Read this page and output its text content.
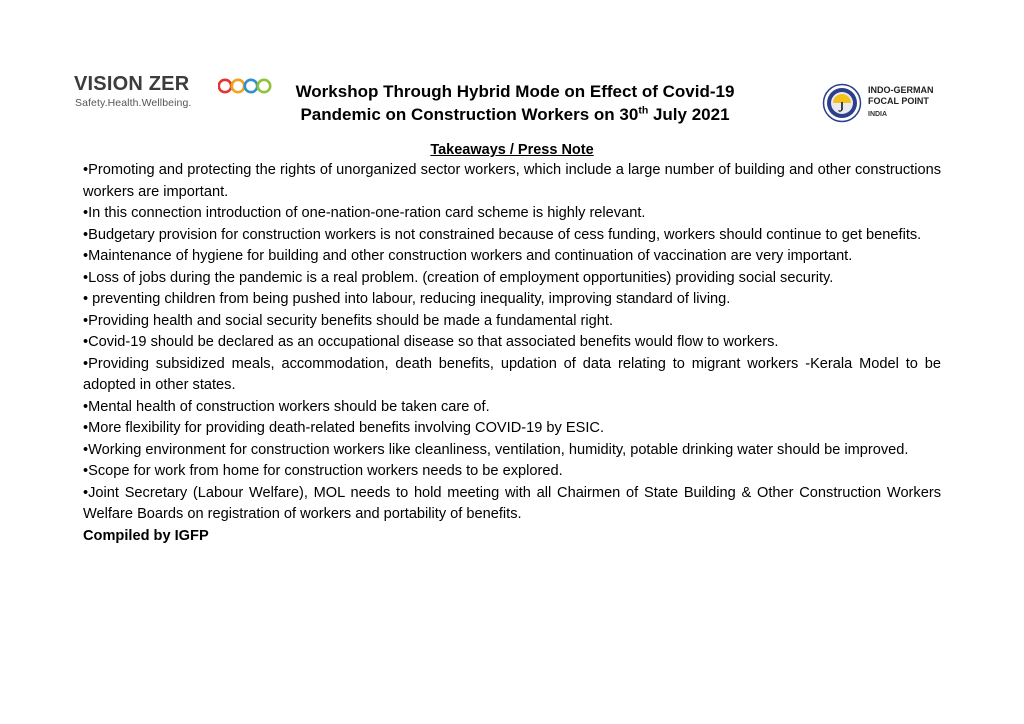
VISION ZER
Safety.Health.Wellbeing.
Workshop Through Hybrid Mode on Effect of Covid-19
Pandemic on Construction Workers on 30th July 2021
INDO-GERMAN
FOCAL POINT
INDIA
Takeaways / Press Note

•Promoting and protecting the rights of unorganized sector workers, which include a large number of building and other constructions workers are important.

•In this connection introduction of one-nation-one-ration card scheme is highly relevant.

•Budgetary provision for construction workers is not constrained because of cess funding, workers should continue to get benefits.

•Maintenance of hygiene for building and other construction workers and continuation of vaccination are very important.

•Loss of jobs during the pandemic is a real problem. (creation of employment opportunities) providing social security.

• preventing children from being pushed into labour, reducing inequality, improving standard of living.

•Providing health and social security benefits should be made a fundamental right.

•Covid-19 should be declared as an occupational disease so that associated benefits would flow to workers.

•Providing subsidized meals, accommodation, death benefits, updation of data relating to migrant workers -Kerala Model to be adopted in other states.

•Mental health of construction workers should be taken care of.

•More flexibility for providing death-related benefits involving COVID-19 by ESIC.

•Working environment for construction workers like cleanliness, ventilation, humidity, potable drinking water should be improved.

•Scope for work from home for construction workers needs to be explored.

•Joint Secretary (Labour Welfare), MOL needs to hold meeting with all Chairmen of State Building & Other Construction Workers Welfare Boards on registration of workers and portability of benefits.

Compiled by IGFP
